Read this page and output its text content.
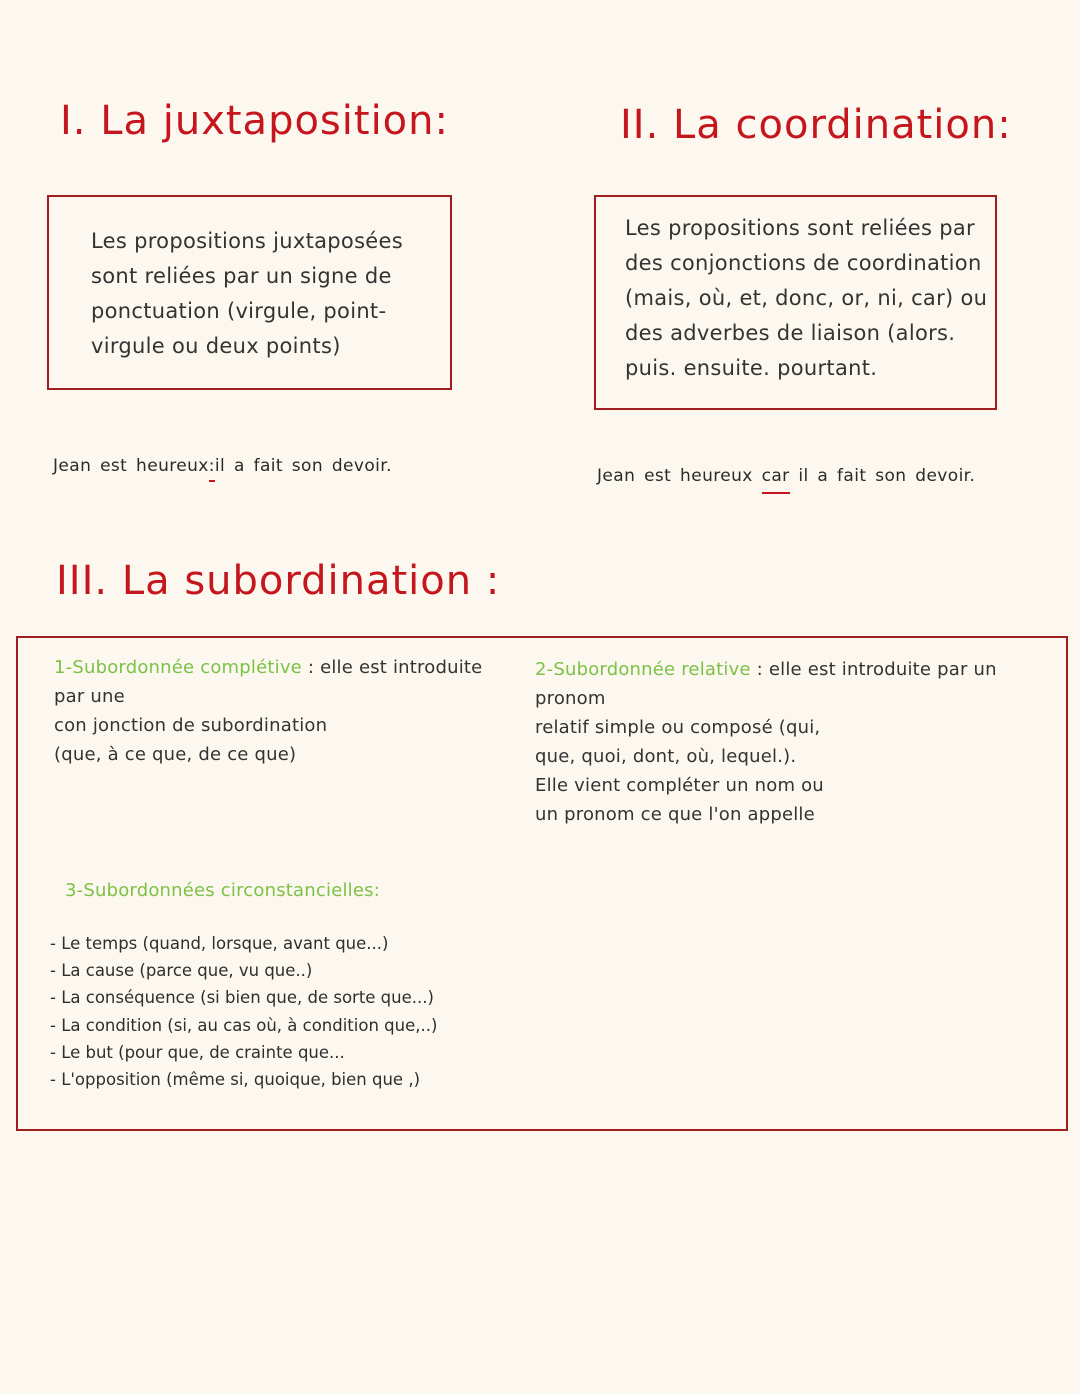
I. La juxtaposition:

Les propositions juxtaposées sont reliées par un signe de ponctuation (virgule, point-virgule ou deux points)

Jean est heureux:il a fait son devoir.
II. La coordination:

Les propositions sont reliées par des conjonctions de coordination (mais, où, et, donc, or, ni, car) ou des adverbes de liaison (alors. puis. ensuite. pourtant.

Jean est heureux car il a fait son devoir.
III. La subordination :
1-Subordonnée complétive : elle est introduite
par une
con jonction de subordination
(que, à ce que, de ce que)
2-Subordonnée relative : elle est introduite par un pronom
relatif simple ou composé (qui,
que, quoi, dont, où, lequel.).
Elle vient compléter un nom ou
un pronom ce que l'on appelle
3-Subordonnées circonstancielles:
- Le temps (quand, lorsque, avant que...)
- La cause (parce que, vu que..)
- La conséquence (si bien que, de sorte que...)
- La condition (si, au cas où, à condition que,..)
- Le but (pour que, de crainte que...
- L'opposition (même si, quoique, bien que ,)
